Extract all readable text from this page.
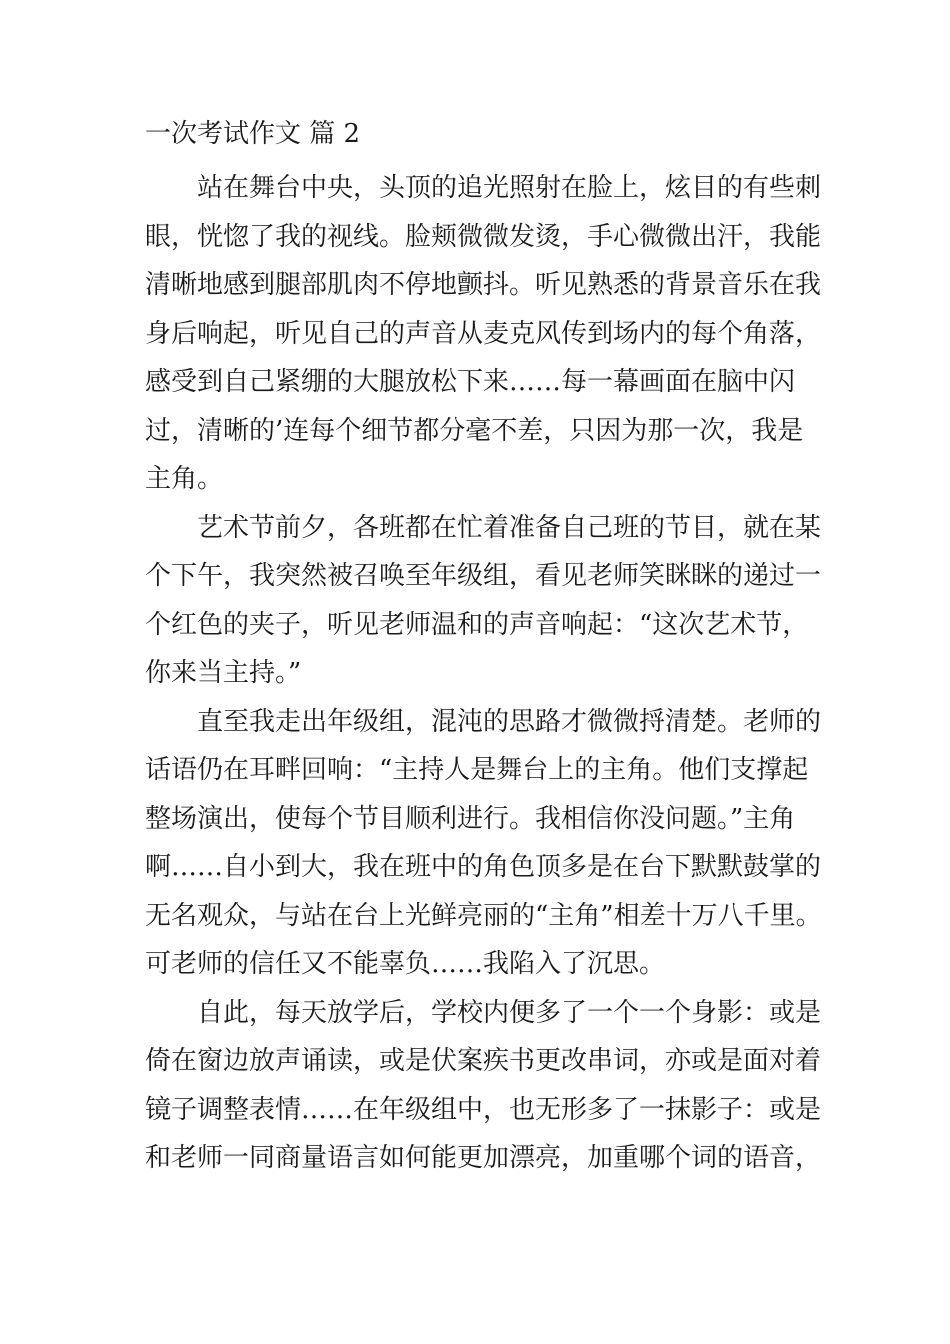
一次考试作文 篇 2

站在舞台中央，头顶的追光照射在脸上，炫目的有些刺
眼，恍惚了我的视线。脸颊微微发烫，手心微微出汗，我能
清晰地感到腿部肌肉不停地颤抖。听见熟悉的背景音乐在我
身后响起，听见自己的声音从麦克风传到场内的每个角落，
感受到自己紧绷的大腿放松下来……每一幕画面在脑中闪
过，清晰的’连每个细节都分毫不差，只因为那一次，我是
主角。

艺术节前夕，各班都在忙着准备自己班的节目，就在某
个下午，我突然被召唤至年级组，看见老师笑眯眯的递过一
个红色的夹子，听见老师温和的声音响起：“这次艺术节，
你来当主持。”

直至我走出年级组，混沌的思路才微微捋清楚。老师的
话语仍在耳畔回响：“主持人是舞台上的主角。他们支撑起
整场演出，使每个节目顺利进行。我相信你没问题。”主角
啊……自小到大，我在班中的角色顶多是在台下默默鼓掌的
无名观众，与站在台上光鲜亮丽的“主角”相差十万八千里。
可老师的信任又不能辜负……我陷入了沉思。

自此，每天放学后，学校内便多了一个一个身影：或是
倚在窗边放声诵读，或是伏案疾书更改串词，亦或是面对着
镜子调整表情……在年级组中，也无形多了一抹影子：或是
和老师一同商量语言如何能更加漂亮，加重哪个词的语音，
